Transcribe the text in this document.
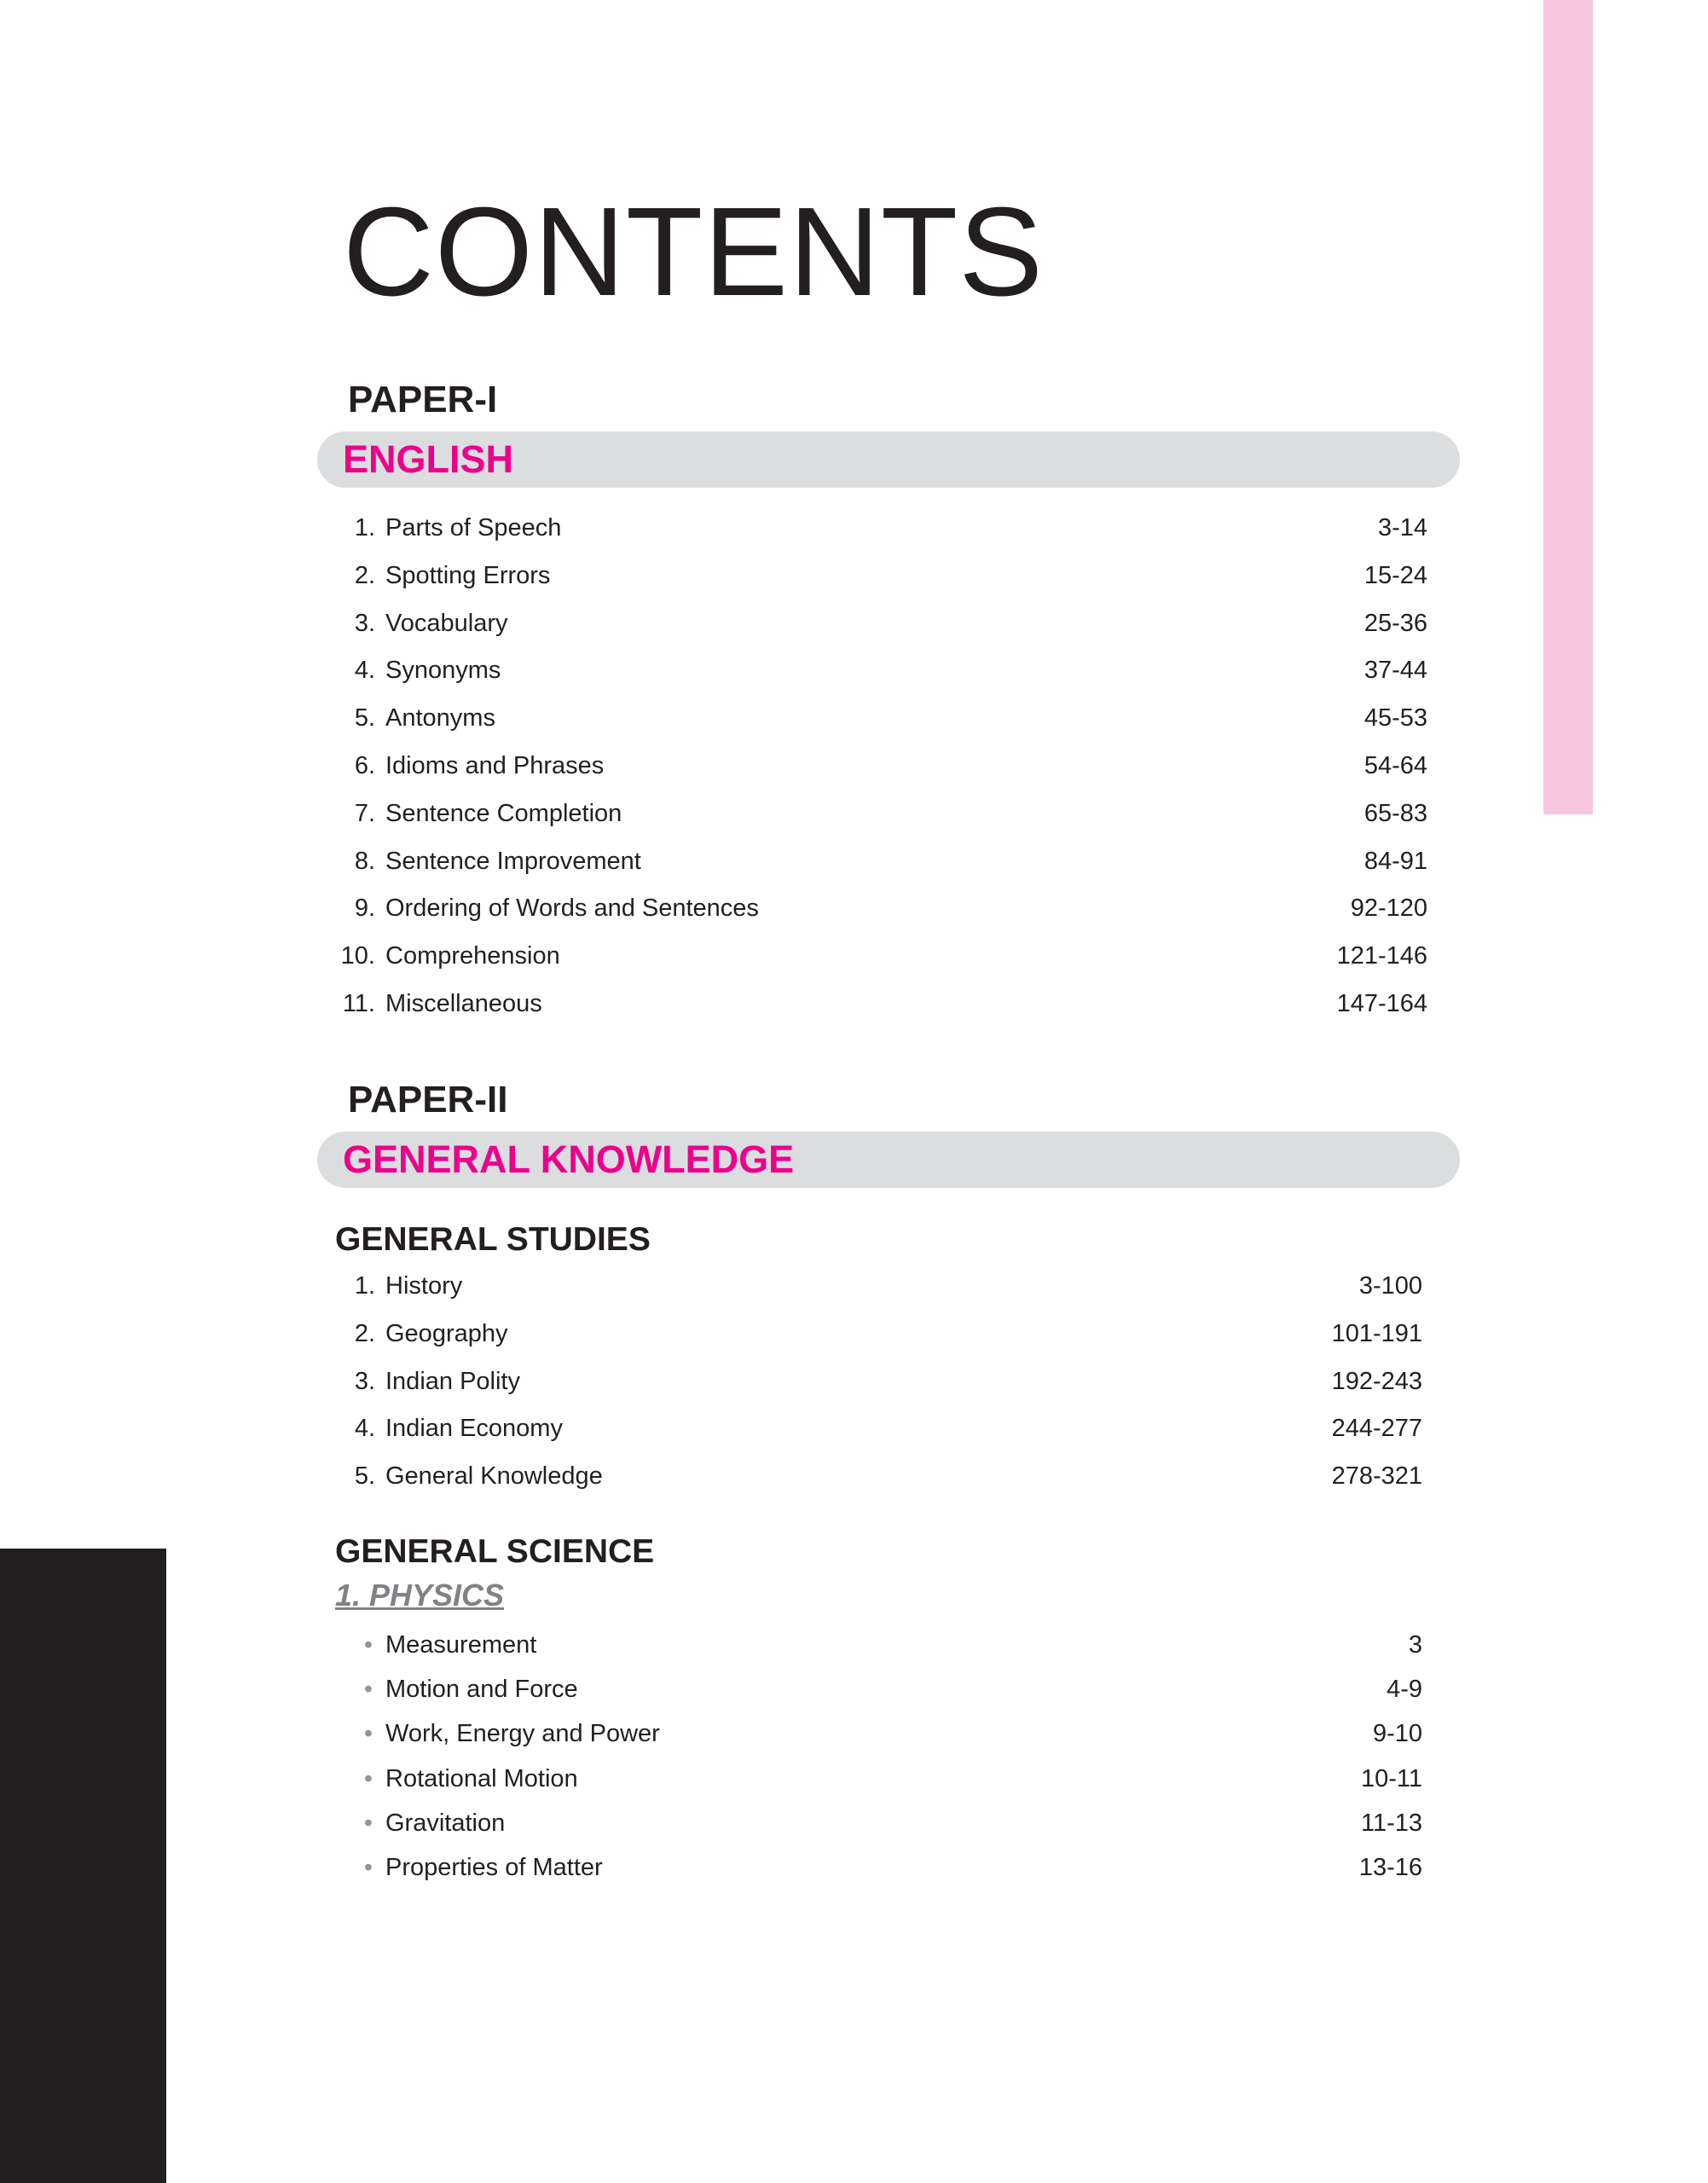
CONTENTS
PAPER-I
ENGLISH
1. Parts of Speech	3-14
2. Spotting Errors	15-24
3. Vocabulary	25-36
4. Synonyms	37-44
5. Antonyms	45-53
6. Idioms and Phrases	54-64
7. Sentence Completion	65-83
8. Sentence Improvement	84-91
9. Ordering of Words and Sentences	92-120
10. Comprehension	121-146
11. Miscellaneous	147-164
PAPER-II
GENERAL KNOWLEDGE
GENERAL STUDIES
1. History	3-100
2. Geography	101-191
3. Indian Polity	192-243
4. Indian Economy	244-277
5. General Knowledge	278-321
GENERAL SCIENCE
1. PHYSICS
• Measurement	3
• Motion and Force	4-9
• Work, Energy and Power	9-10
• Rotational Motion	10-11
• Gravitation	11-13
• Properties of Matter	13-16
